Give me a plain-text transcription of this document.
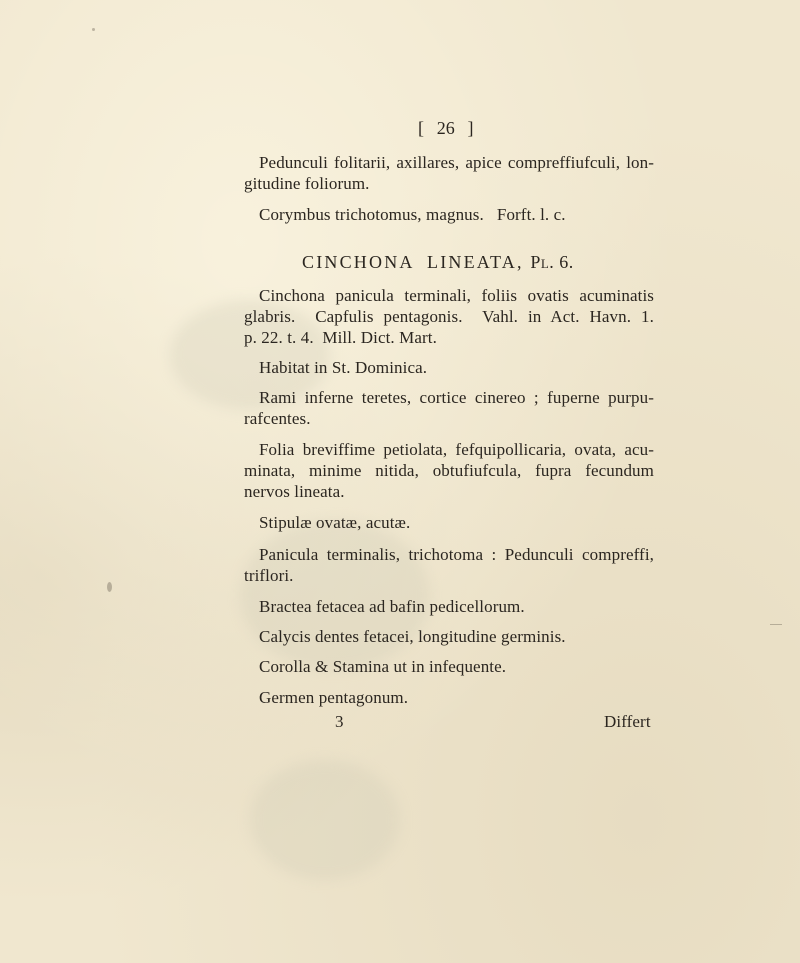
[ 26 ]
Pedunculi folitarii, axillares, apice compreffiufculi, lon-
gitudine foliorum.
Corymbus trichotomus, magnus.   Forft. l. c.
CINCHONA  LINEATA, Pl. 6.
Cinchona panicula terminali, foliis ovatis acuminatis
glabris.  Capfulis pentagonis.  Vahl. in Act. Havn. 1.
p. 22. t. 4.  Mill. Dict. Mart.
Habitat in St. Dominica.
Rami inferne teretes, cortice cinereo ; fuperne purpu-
rafcentes.
Folia breviffime petiolata, fefquipollicaria, ovata, acu-
minata, minime nitida, obtufiufcula, fupra fecundum
nervos lineata.
Stipulæ ovatæ, acutæ.
Panicula terminalis, trichotoma : Pedunculi compreffi,
triflori.
Bractea fetacea ad bafin pedicellorum.
Calycis dentes fetacei, longitudine germinis.
Corolla & Stamina ut in infequente.
Germen pentagonum.
3	Differt
